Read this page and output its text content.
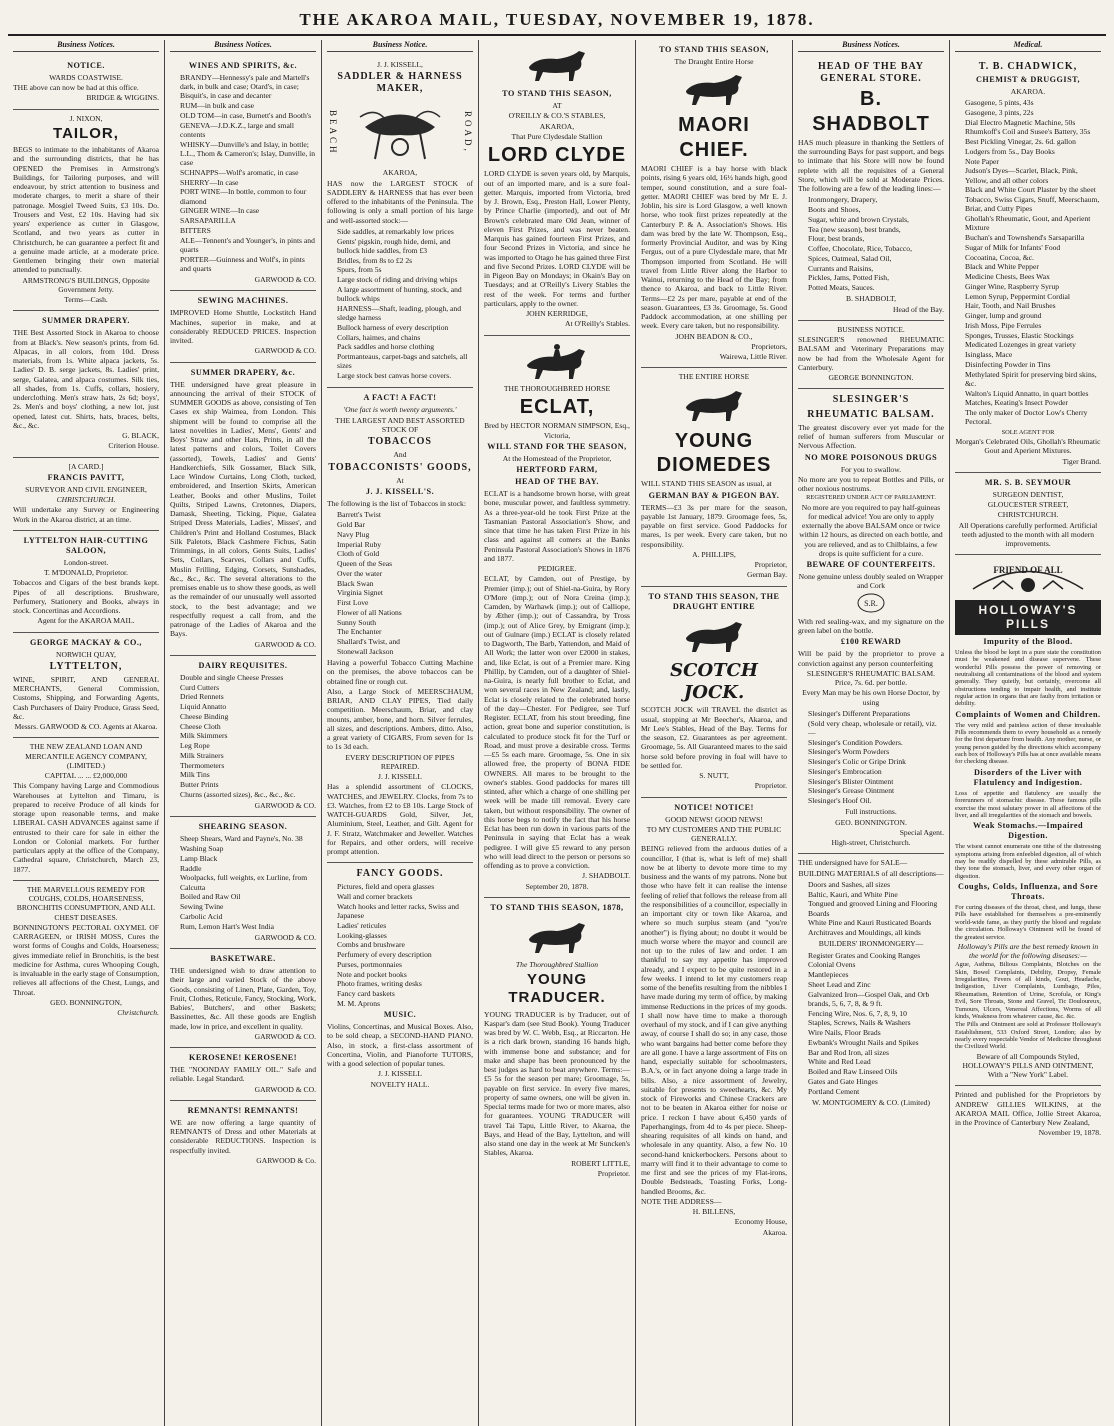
THE AKAROA MAIL, TUESDAY, NOVEMBER 19, 1878.
Business Notices.
NOTICE.
WARDS COASTWISE.

THE above can now be had at this office.

BRIDGE & WIGGINS.
J. NIXON,
TAILOR,

BEGS to intimate to the inhabitants of Akaroa and the surrounding districts, that he has OPENED the Premises in Armstrong's Buildings, for Tailoring purposes, and will endeavour, by strict attention to business and moderate charges, to merit a share of their patronage. Mosgiel Tweed Suits, £3 10s. Do. Trousers and Vest, £2 10s. Having had six years' experience as cutter in Glasgow, Scotland, and two years as cutter in Christchurch, he can guarantee a perfect fit and a genuine made article, at a moderate price. Gentlemen bringing their own material attended to punctually.

ARMSTRONG'S BUILDINGS, Opposite Government Jetty.
Terms—Cash.
SUMMER DRAPERY.

THE Best Assorted Stock in Akaroa to choose from at Black's. New season's prints, from 6d. Alpacas, in all colors, from 10d. Dress materials, from 1s. White alpaca jackets, 5s. Ladies' D. B. serge jackets, 8s. Ladies' print, serge, Galatea, and alpaca costumes. Silk ties, all shades, from 1s. Cuffs, collars, hosiery, underclothing. Men's straw hats, 2s 6d; boys', 2s. Men's and boys' clothing, a new lot, just opened, latest cut. Shirts, hats, braces, belts, &c., &c.

G. BLACK,
Criterion House.
[A CARD.]
FRANCIS PAVITT,
SURVEYOR AND CIVIL ENGINEER,
CHRISTCHURCH.

Will undertake any Survey or Engineering Work in the Akaroa district, at an time.

LYTTELTON HAIR-CUTTING SALOON,
London-street.
T. M'DONALD, Proprietor.

Tobaccos and Cigars of the best brands kept. Pipes of all descriptions. Brushware, Perfumery, Stationery and Books, always in stock. Concertinas and Accordions.

Agent for the AKAROA MAIL.
GEORGE MACKAY & CO.,
NORWICH QUAY,
LYTTELTON,

WINE, SPIRIT, AND GENERAL MERCHANTS, General Commission, Customs, Shipping, and Forwarding Agents, Cash Purchasers of Dairy Produce, Grass Seed, &c.

Messrs. GARWOOD & CO. Agents at Akaroa.
THE NEW ZEALAND LOAN AND MERCANTILE AGENCY COMPANY, (LIMITED.)
CAPITAL ... ... £2,000,000

This Company having Large and Commodious Warehouses at Lyttelton and Timaru, is prepared to receive Produce of all kinds for storage upon reasonable terms, and make LIBERAL CASH ADVANCES against same if entrusted to their care for sale in either the London or Colonial markets. For further particulars apply at the office of the Company, Cathedral square, Christchurch, March 23, 1877.

THE MARVELLOUS REMEDY FOR COUGHS, COLDS, HOARSENESS, BRONCHITIS CONSUMPTION, AND ALL CHEST DISEASES.

BONNINGTON'S PECTORAL OXYMEL OF CARRAGEEN, or IRISH MOSS, Cures the worst forms of Coughs and Colds, Hoarseness; gives immediate relief in Bronchitis, is the best medicine for Asthma, cures Whooping Cough, is invaluable in the early stage of Consumption, relieves all affections of the Chest, Lungs, and Throat.

GEO. BONNINGTON,
Christchurch.
Business Notices.
WINES AND SPIRITS, &c.
BRANDY—Hennessy's pale and Martell's dark, in bulk and case; Otard's, in case; Bisquit's, in case and decanter
RUM—in bulk and case
OLD TOM—in case, Burnett's and Booth's
GENEVA—J.D.K.Z., large and small contents
WHISKY—Dunville's and Islay, in bottle; L.L., Thom & Cameron's; Islay, Dunville, in case
SCHNAPPS—Wolf's aromatic, in case
SHERRY—In case
PORT WINE—In bottle, common to four diamond
GINGER WINE—In case
SARSAPARILLA
BITTERS
ALE—Tennent's and Younger's, in pints and quarts
PORTER—Guinness and Wolf's, in pints and quarts
GARWOOD & CO.
SEWING MACHINES.

IMPROVED Home Shuttle, Lockstitch Hand Machines, superior in make, and at considerably REDUCED PRICES. Inspection invited.

GARWOOD & CO.
SUMMER DRAPERY, &c.

THE undersigned have great pleasure in announcing the arrival of their STOCK of SUMMER GOODS as above, consisting of Ten Cases ex ship Waimea, from London. This shipment will be found to comprise all the latest novelties in Ladies', Mens', Gents' and Boys' Straw and other Hats, Prints, in all the latest patterns and colors, Toilet Covers (assorted), Towels, Ladies' and Gents' Handkerchiefs, Silk Gossamer, Black Silk, Lace Window Curtains, Long Cloth, tucked, embroidered, and Insertion Skirts, American Leather, Books and other Muslins, Toilet Quilts, Striped Lawns, Cretonnes, Diapers, Damask, Sheeting, Ticking, Pique, Galatea Striped Dress Materials, Ladies', Misses', and Children's Print and Holland Costumes, Black Silk Paletots, Black Cashmere Fichus, Satin Trimmings, in all colors, Gents Suits, Ladies' Sets, Collars, Scarves, Collars and Cuffs, Muslin Frilling, Edging, Corsets, Sunshades, &c., &c., &c. The several alterations to the premises enable us to show these goods, as well as the remainder of our unusually well assorted stock, to the best advantage; and we respectfully request a call from, and the patronage of the Ladies of Akaroa and the Bays.

GARWOOD & CO.
DAIRY REQUISITES.
Double and single Cheese Presses
Curd Cutters
Dried Rennets
Liquid Annatto
Cheese Binding
Cheese Cloth
Milk Skimmers
Leg Rope
Milk Strainers
Thermometers
Milk Tins
Butter Prints
Churns (assorted sizes), &c., &c., &c.
GARWOOD & CO.
SHEARING SEASON.
Sheep Shears, Ward and Payne's, No. 38
Washing Soap
Lamp Black
Raddle
Woolpacks, full weights, ex Lurline, from Calcutta
Boiled and Raw Oil
Sewing Twine
Carbolic Acid
Rum, Lemon Hart's West India
GARWOOD & CO.
BASKETWARE.

THE undersigned wish to draw attention to their large and varied Stock of the above Goods, consisting of Linen, Plate, Garden, Toy, Fruit, Clothes, Reticule, Fancy, Stocking, Work, Babies', Butchers', and other Baskets; Bassinettes, &c. All these goods are English made, low in price, and excellent in quality.

GARWOOD & CO.
KEROSENE! KEROSENE!

THE "NOONDAY FAMILY OIL." Safe and reliable. Legal Standard.

GARWOOD & CO.
REMNANTS! REMNANTS!

WE are now offering a large quantity of REMNANTS of Dress and other Materials at considerable REDUCTIONS. Inspection is respectfully invited.

GARWOOD & Co.
Business Notice.
J. J. KISSELL,
SADDLER & HARNESS MAKER,
BEACH	ROAD,
AKAROA,

HAS now the LARGEST STOCK of SADDLERY & HARNESS that has ever been offered to the inhabitants of the Peninsula. The following is only a small portion of his large and well-assorted stock:—

Side saddles, at remarkably low prices
Gents' pigskin, rough hide, demi, and bullock hide saddles, from £3
Bridles, from 8s to £2 2s
Spurs, from 5s
Large stock of riding and driving whips
A large assortment of hunting, stock, and bullock whips
HARNESS—Shaft, leading, plough, and sledge harness
Bullock harness of every description
Collars, haimes, and chains
Pack saddles and horse clothing
Portmanteaus, carpet-bags and satchels, all sizes
Large stock best canvas horse covers.
A FACT! A FACT!
'One fact is worth twenty arguments.'
THE LARGEST AND BEST ASSORTED STOCK OF
TOBACCOS
And
TOBACCONISTS' GOODS,
At
J. J. KISSELL'S.

The following is the list of Tobaccos in stock:

Barrett's Twist
Gold Bar
Navy Plug
Imperial Ruby
Cloth of Gold
Queen of the Seas
Over the water
Black Swan
Virginia Signet
First Love
Flower of all Nations
Sunny South
The Enchanter
Shallard's Twist, and
Stonewall Jackson

Having a powerful Tobacco Cutting Machine on the premises, the above tobaccos can be obtained fine or rough cut.

Also, a Large Stock of MEERSCHAUM, BRIAR, AND CLAY PIPES, Tied daily competition. Meerschaum, Briar, and clay mounts, amber, bone, and horn. Silver ferrules, all sizes, and descriptions. Ambers, ditto. Also, a great variety of CIGARS, From seven for 1s to 1s 3d each.

EVERY DESCRIPTION OF PIPES REPAIRED.
J. J. KISSELL

Has a splendid assortment of CLOCKS, WATCHES, and JEWELRY. Clocks, from 7s to £3. Watches, from £2 to £8 10s. Large Stock of WATCH-GUARDS Gold, Silver, Jet, Aluminium, Steel, Leather, and Gilt. Agent for J. F. Stratz, Watchmaker and Jeweller. Watches for Repairs, and other orders, will receive prompt attention.

FANCY GOODS.
Pictures, field and opera glasses
Wall and corner brackets
Watch hooks and letter racks, Swiss and Japanese
Ladies' reticules
Looking-glasses
Combs and brushware
Perfumery of every description
Purses, portmonnaies
Note and pocket books
Photo frames, writing desks
Fancy card baskets
M. M. Aprons
MUSIC.

Violins, Concertinas, and Musical Boxes. Also, to be sold cheap, a SECOND-HAND PIANO. Also, in stock, a first-class assortment of Concertina, Violin, and Pianoforte TUTORS, with a good selection of popular tunes.

J. J. KISSELL
NOVELTY HALL.
TO STAND THIS SEASON,
AT
O'REILLY & CO.'S STABLES,
AKAROA,
That Pure Clydesdale Stallion
LORD CLYDE

LORD CLYDE is seven years old, by Marquis, out of an imported mare, and is a sure foal-getter. Marquis, imported from Victoria, bred by J. Brown, Esq., Preston Hall, Lower Plenty, by Prince Charlie (imported), and out of Mr Brown's celebrated mare Old Jean, winner of eleven First Prizes, and was never beaten. Marquis has gained fourteen First Prizes, and four Second Prizes in Victoria, and since he was imported to Otago he has gained three First and five Second Prizes. LORD CLYDE will be in Pigeon Bay on Mondays; in Okain's Bay on Tuesdays; and at O'Reilly's Livery Stables the rest of the week. For terms and further particulars, apply to the owner.

JOHN KERRIDGE,
At O'Reilly's Stables.
THE THOROUGHBRED HORSE
ECLAT,
Bred by HECTOR NORMAN SIMPSON, Esq., Victoria,
WILL STAND FOR THE SEASON,
At the Homestead of the Proprietor,
HERTFORD FARM,
HEAD OF THE BAY.

ECLAT is a handsome brown horse, with great bone, muscular power, and faultless symmetry. As a three-year-old he took First Prize at the Tasmanian Pastoral Association's Show, and since that time he has taken First Prize in his class and against all comers at the Banks Peninsula Pastoral Association's Shows in 1876 and 1877.

PEDIGREE.

ECLAT, by Camden, out of Prestige, by Premier (imp.); out of Shiel-na-Guira, by Rory O'More (imp.); out of Nora Creina (imp.); Camden, by Warhawk (imp.); out of Calliope, by Æther (imp.); out of Cassandra, by Tross (imp.); out of Alice Grey, by Emigrant (imp.); out of Gulnare (imp.) ECLAT is closely related to Dagworth, The Barb, Yattendon, and Maid of All Work; the latter won over £2000 in stakes, and, like Eclat, is out of a Premier mare. King Phillip, by Camden, out of a daughter of Shiel-na-Guira, is nearly full brother to Eclat, and won several races in New Zealand; and, lastly, Eclat is closely related to the celebrated horse of the day—Chester. For Pedigree, see Turf Register. ECLAT, from his stout breeding, fine action, great bone and superior constitution, is calculated to produce stock fit for the Turf or Road, and must prove a desirable cross. Terms—£5 5s each mare. Groomage, 5s. One in six allowed free, the property of BONA FIDE OWNERS. All mares to be brought to the owner's stables. Good paddocks for mares till stinted, after which a charge of one shilling per week will be made till removal. Every care taken, but without responsibility. The owner of this horse begs to notify the fact that his horse Eclat has been run down in various parts of the Peninsula in saying that Eclat has a weak pedigree. I will give £5 reward to any person who will lead direct to the person or persons so offending as to prove a conviction.

J. SHADBOLT.
September 20, 1878.
TO STAND THIS SEASON, 1878,
The Thoroughbred Stallion
YOUNG TRADUCER.

YOUNG TRADUCER is by Traducer, out of Kaspar's dam (see Stud Book). Young Traducer was bred by W. C. Webb, Esq., at Riccarton. He is a rich dark brown, standing 16 hands high, with immense bone and substance; and for make and shape has been pronounced by the best judges as hard to beat anywhere. Terms:—£5 5s for the season per mare; Groomage, 5s, payable on first service. In every five mares, property of same owners, one will be given in. Special terms made for two or more mares, also for guarantees. YOUNG TRADUCER will travel Tai Tapu, Little River, to Akaroa, the Bays, and Head of the Bay, Lyttelton, and will also stand one day in the week at Mr Suncken's Stables, Akaroa.

ROBERT LITTLE,
Proprietor.
TO STAND THIS SEASON,
The Draught Entire Horse
MAORI CHIEF.

MAORI CHIEF is a bay horse with black points, rising 6 years old, 16½ hands high, good temper, sound constitution, and a sure foal-getter. MAORI CHIEF was bred by Mr E. J. Joblin, his sire is Lord Glasgow, a well known horse, who took first prizes repeatedly at the Canterbury P. & A. Association's Shows. His dam was bred by the late W. Thompson, Esq., formerly Provincial Auditor, and was by King Fergus, out of a pure Clydesdale mare, that Mr Thompson imported from Scotland. He will travel from Little River along the Harbor to Wainui, returning to the Head of the Bay; from thence to Akaroa, and back to Little River. Terms—£2 2s per mare, payable at end of the season. Guarantees, £3 3s. Groomage, 5s. Good Paddock accommodation, at one shilling per week. Every care taken, but no responsibility.

JOHN BEADON & CO.,
Proprietors,
Wairewa, Little River.
THE ENTIRE HORSE
YOUNG DIOMEDES

WILL STAND THIS SEASON as usual, at

GERMAN BAY & PIGEON BAY.

TERMS—£3 3s per mare for the season, payable 1st January, 1879. Groomage fees, 5s, payable on first service. Good Paddocks for mares, 1s per week. Every care taken, but no responsibility.

A. PHILLIPS,
Proprietor,
German Bay.
TO STAND THIS SEASON, THE DRAUGHT ENTIRE
SCOTCH JOCK.

SCOTCH JOCK will TRAVEL the district as usual, stopping at Mr Beecher's, Akaroa, and Mr Lee's Stables, Head of the Bay. Terms for the season, £2. Guarantees as per agreement. Groomage, 5s. All Guaranteed mares to the said horse sold before proving in foal will have to be settled for.

S. NUTT,
Proprietor.
NOTICE! NOTICE!
GOOD NEWS! GOOD NEWS!
TO MY CUSTOMERS AND THE PUBLIC GENERALLY.

BEING relieved from the arduous duties of a councillor, I (that is, what is left of me) shall now be at liberty to devote more time to my business and the wants of my patrons. None but those who have felt it can realise the intense feeling of relief that follows the release from all the responsibilities of a councillor, especially in an important city or town like Akaroa, and where so much surplus steam (and "you're another") is flying about; no doubt it would be much worse where the mayor and council are not up to the rules of law and order. I am thankful to say my appetite has improved already, and I expect to be quite restored in a few weeks. I intend to let my customers reap some of the benefits resulting from the nibbles I have made during my term of office, by making immense Reductions in the prices of my goods. I shall now have time to make a thorough overhaul of my stock, and if I can give anything away, of course I shall do so; in any case, those who want bargains had better come before they are all gone. I have a large assortment of Fits on hand, especially suitable for schoolmasters, B.A.'s, or in fact anyone doing a large trade in bills. Also, a nice assortment of Jewelry, suitable for presents to sweethearts, &c. My stock of Fireworks and Chinese Crackers are not to be beaten in Akaroa either for noise or price. I reckon I have about 6,450 yards of Paperhangings, from 4d to 4s per piece. Sheep-shearing requisites of all kinds on hand, and wholesale in any quantity. Also, a few No. 10 second-hand knickerbockers. Persons about to marry will find it to their advantage to come to me first and see the prices of my Flat-irons, Double Bedsteads, Toasting Forks, Long-handled Brooms, &c.

NOTE THE ADDRESS—
H. BILLENS,
Economy House,
Akaroa.
Business Notices.
HEAD OF THE BAY GENERAL STORE.
B. SHADBOLT

HAS much pleasure in thanking the Settlers of the surrounding Bays for past support, and begs to intimate that his Store will now be found replete with all the requisites of a General Store, which will be sold at Moderate Prices. The following are a few of the leading lines:—

Ironmongery, Drapery,
Boots and Shoes,
Sugar, white and brown Crystals,
Tea (new season), best brands,
Flour, best brands,
Coffee, Chocolate, Rice, Tobacco,
Spices, Oatmeal, Salad Oil,
Currants and Raisins,
Pickles, Jams, Potted Fish,
Potted Meats, Sauces.
B. SHADBOLT,
Head of the Bay.
BUSINESS NOTICE.

SLESINGER'S renowned RHEUMATIC BALSAM and Veterinary Preparations may now be had from the Wholesale Agent for Canterbury.

GEORGE BONNINGTON.
SLESINGER'S
RHEUMATIC BALSAM.

The greatest discovery ever yet made for the relief of human sufferers from Muscular or Nervous Affection.

NO MORE POISONOUS DRUGS
For you to swallow.

No more are you to repeat Bottles and Pills, or other noxious nostrums.

REGISTERED UNDER ACT OF PARLIAMENT.

No more are you required to pay half-guineas for medical advice! You are only to apply externally the above BALSAM once or twice within 12 hours, as directed on each bottle, and you are relieved, and as to Chilblains, a few drops is quite sufficient for a cure.

BEWARE OF COUNTERFEITS.
None genuine unless doubly sealed on Wrapper and Cork
S.R.

With red sealing-wax, and my signature on the green label on the bottle.

£100 REWARD

Will be paid by the proprietor to prove a conviction against any person counterfeiting

SLESINGER'S RHEUMATIC BALSAM. Price, 7s. 6d. per bottle.
Every Man may be his own Horse Doctor, by using
Slesinger's Different Preparations
(Sold very cheap, wholesale or retail), viz.—
Slesinger's Condition Powders.
Slesinger's Worm Powders
Slesinger's Colic or Gripe Drink
Slesinger's Embrocation
Slesinger's Blister Ointment
Slesinger's Grease Ointment
Slesinger's Hoof Oil.
Full instructions.
GEO. BONNINGTON.
Special Agent.
High-street, Christchurch.

THE undersigned have for SALE—

BUILDING MATERIALS of all descriptions—
Doors and Sashes, all sizes
Baltic, Kauri, and White Pine
Tongued and grooved Lining and Flooring Boards
White Pine and Kauri Rusticated Boards
Architraves and Mouldings, all kinds
BUILDERS' IRONMONGERY—
Register Grates and Cooking Ranges
Colonial Ovens
Mantlepieces
Sheet Lead and Zinc
Galvanized Iron—Gospel Oak, and Orb brands, 5, 6, 7, 8, & 9 ft.
Fencing Wire, Nos. 6, 7, 8, 9, 10
Staples, Screws, Nails & Washers
Wire Nails, Floor Brads
Ewbank's Wrought Nails and Spikes
Bar and Rod Iron, all sizes
White and Red Lead
Boiled and Raw Linseed Oils
Gates and Gate Hinges
Portland Cement
W. MONTGOMERY & CO. (Limited)
Medical.
T. B. CHADWICK,
CHEMIST & DRUGGIST,
AKAROA.
Gasogene, 5 pints, 43s
Gasogene, 3 pints, 22s
Dial Electro Magnetic Machine, 50s
Rhumkoff's Coil and Susee's Battery, 35s
Best Pickling Vinegar, 2s. 6d. gallon
Lodgers from 5s., Day Books
Note Paper
Judson's Dyes—Scarlet, Black, Pink, Yellow, and all other colors
Black and White Court Plaster by the sheet
Tobacco, Swiss Cigars, Snuff, Meerschaum, Briar, and Cutty Pipes
Ghollah's Rheumatic, Gout, and Aperient Mixture
Buchan's and Townshend's Sarsaparilla
Sugar of Milk for Infants' Food
Cocoatina, Cocoa, &c.
Black and White Pepper
Medicine Chests, Bees Wax
Ginger Wine, Raspberry Syrup
Lemon Syrup, Peppermint Cordial
Hair, Tooth, and Nail Brushes
Ginger, lump and ground
Irish Moss, Pipe Ferrules
Sponges, Trusses, Elastic Stockings
Medicated Lozenges in great variety
Isinglass, Mace
Disinfecting Powder in Tins
Methylated Spirit for preserving bird skins, &c.
Walton's Liquid Annatto, in quart bottles
Matches, Keating's Insect Powder
The only maker of Doctor Low's Cherry Pectoral.
SOLE AGENT FOR

Morgan's Celebrated Oils, Ghollah's Rheumatic Gout and Aperient Mixtures.

Tiger Brand.
MR. S. B. SEYMOUR
SURGEON DENTIST,
GLOUCESTER STREET,
CHRISTCHURCH.

All Operations carefully performed. Artificial teeth adjusted to the month with all modern improvements.

FRIEND OF ALL
HOLLOWAY'S PILLS
Impurity of the Blood.

Unless the blood be kept in a pure state the constitution must be weakened and disease supervene. These wonderful Pills possess the power of removing or neutralising all contaminations of the blood and system generally. They quietly, but certainly, overcome all obstructions tending to impair health, and institute regular action in organs that are faulty from irritation or debility.

Complaints of Women and Children.

The very mild and painless action of these invaluable Pills recommends them to every household as a remedy for the first departure from health. Any mother, nurse, or young person guided by the directions which accompany each box of Holloway's Pills has at once available means for checking disease.

Disorders of the Liver with Flatulency and Indigestion.

Loss of appetite and flatulency are usually the forerunners of stomachic disease. These famous pills exercise the most salutary power in all affections of the liver, and all irregularities of the stomach and bowels.

Weak Stomachs.—Impaired Digestion.

The wisest cannot enumerate one tithe of the distressing symptoms arising from enfeebled digestion, all of which may be readily dispelled by these admirable Pills, as they tone the stomach, liver, and every other organ of digestion.

Coughs, Colds, Influenza, and Sore Throats.

For curing diseases of the throat, chest, and lungs, these Pills have established for themselves a pre-eminently world-wide fame, as they purify the blood and regulate the circulation. Holloway's Ointment will be found of the greatest service.

Holloway's Pills are the best remedy known in the world for the following diseases:—

Ague, Asthma, Bilious Complaints, Blotches on the Skin, Bowel Complaints, Debility, Dropsy, Female Irregularities, Fevers of all kinds, Gout, Headache, Indigestion, Liver Complaints, Lumbago, Piles, Rheumatism, Retention of Urine, Scrofula, or King's Evil, Sore Throats, Stone and Gravel, Tic Douloureux, Tumours, Ulcers, Venereal Affections, Worms of all kinds, Weakness from whatever cause, &c. &c.

The Pills and Ointment are sold at Professor Holloway's Establishment, 533 Oxford Street, London; also by nearly every respectable Vendor of Medicine throughout the Civilized World.

Beware of all Compounds Styled, HOLLOWAY'S PILLS AND OINTMENT, With a "New York" Label.

Printed and published for the Proprietors by ANDREW GILLIES WILKINS, at the AKAROA MAIL Office, Jollie Street Akaroa, in the Province of Canterbury New Zealand,

November 19, 1878.
